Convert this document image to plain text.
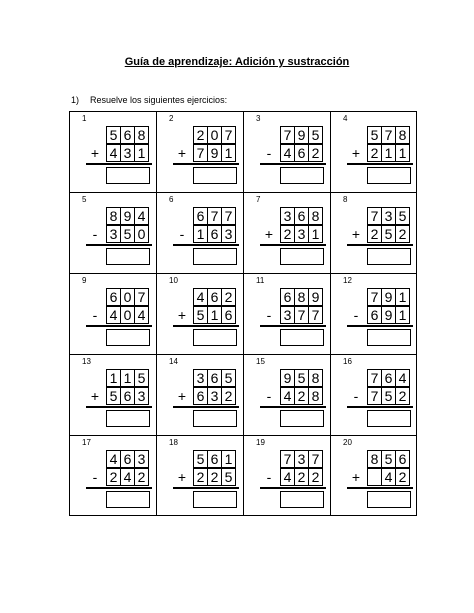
Guía de aprendizaje: Adición y sustracción
1) Resuelve los siguientes ejercicios:
1
5 6 8
+ 4 3 1
2
2 0 7
+ 7 9 1
3
7 9 5
- 4 6 2
4
5 7 8
+ 2 1 1
5
8 9 4
- 3 5 0
6
6 7 7
- 1 6 3
7
3 6 8
+ 2 3 1
8
7 3 5
+ 2 5 2
9
6 0 7
- 4 0 4
10
4 6 2
+ 5 1 6
11
6 8 9
- 3 7 7
12
7 9 1
- 6 9 1
13
1 1 5
+ 5 6 3
14
3 6 5
+ 6 3 2
15
9 5 8
- 4 2 8
16
7 6 4
- 7 5 2
17
4 6 3
- 2 4 2
18
5 6 1
+ 2 2 5
19
7 3 7
- 4 2 2
20
8 5 6
+ 4 2
